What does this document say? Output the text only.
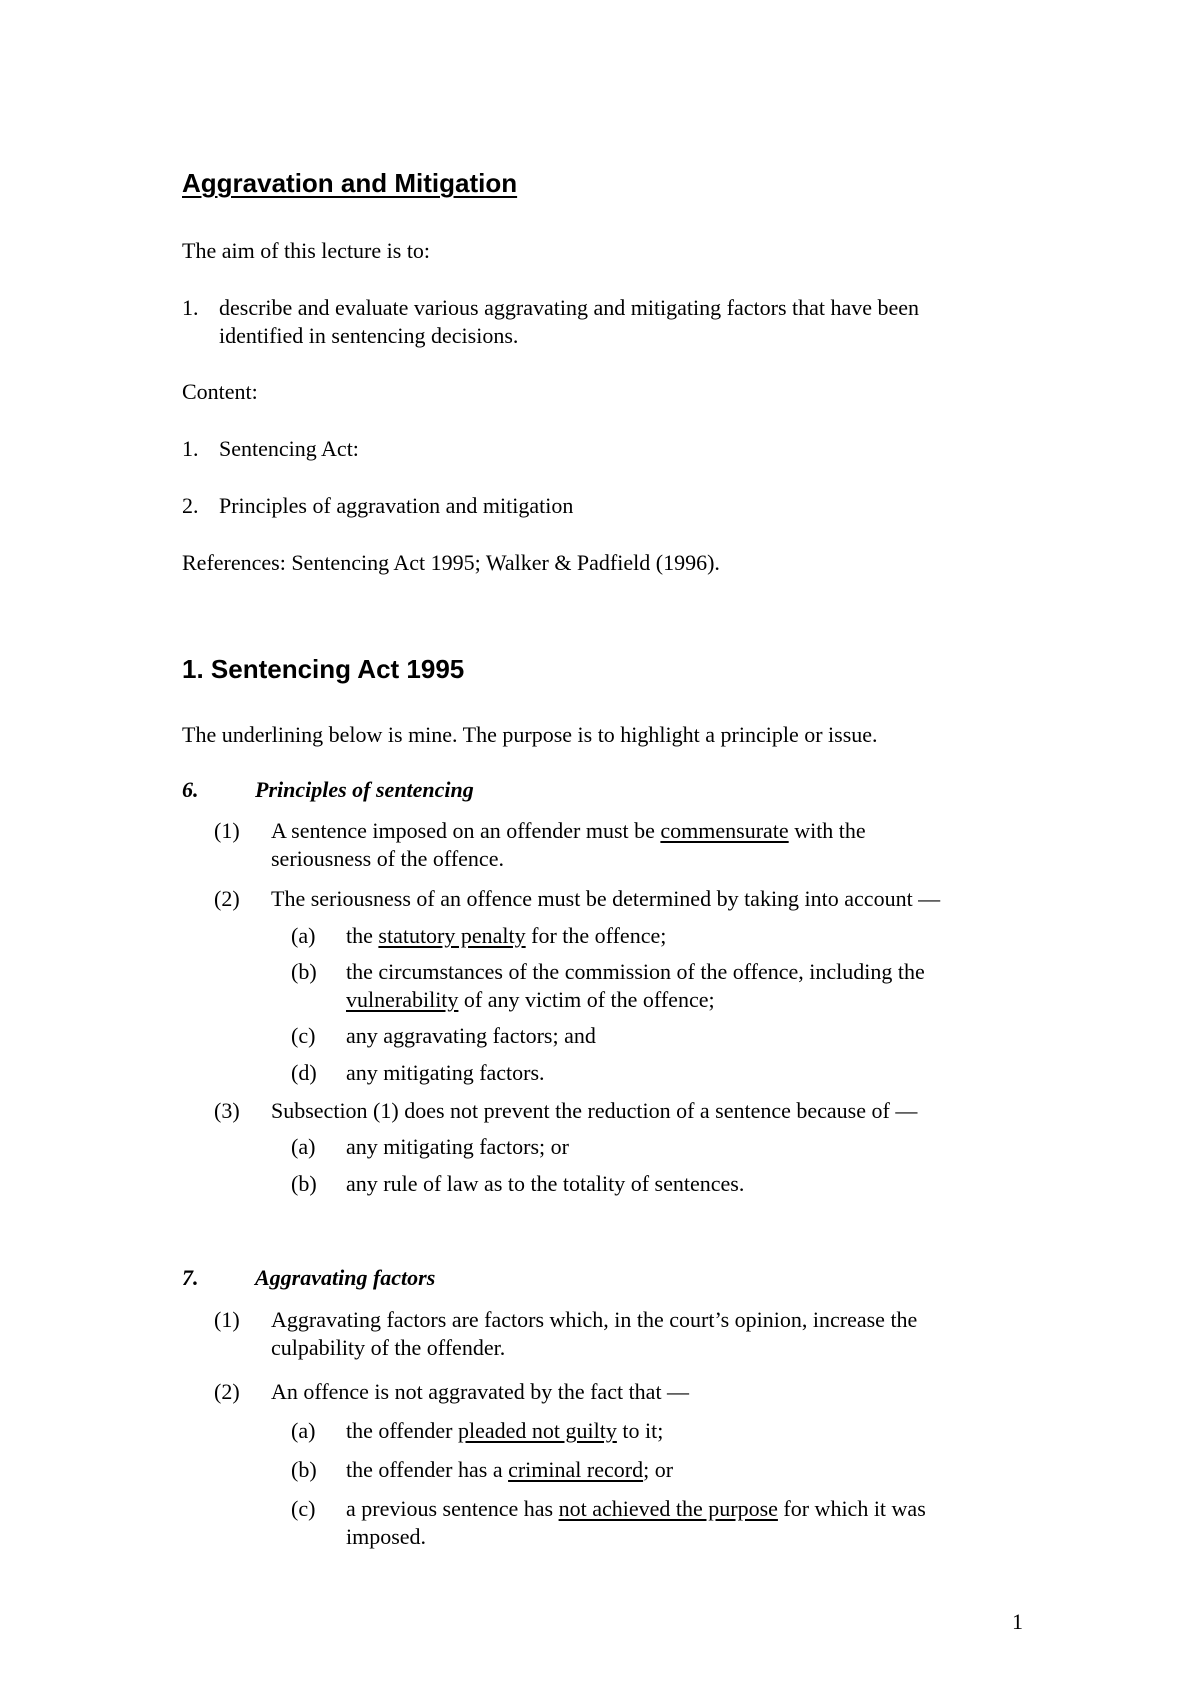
Aggravation and Mitigation
The aim of this lecture is to:
1. describe and evaluate various aggravating and mitigating factors that have been
identified in sentencing decisions.
Content:
1. Sentencing Act:
2. Principles of aggravation and mitigation
References: Sentencing Act 1995; Walker & Padfield (1996).
1. Sentencing Act 1995
The underlining below is mine. The purpose is to highlight a principle or issue.
6.	Principles of sentencing
(1) A sentence imposed on an offender must be commensurate with the
seriousness of the offence.
(2) The seriousness of an offence must be determined by taking into account —
(a) the statutory penalty for the offence;
(b) the circumstances of the commission of the offence, including the
vulnerability of any victim of the offence;
(c) any aggravating factors; and
(d) any mitigating factors.
(3) Subsection (1) does not prevent the reduction of a sentence because of —
(a) any mitigating factors; or
(b) any rule of law as to the totality of sentences.
7.	Aggravating factors
(1) Aggravating factors are factors which, in the court’s opinion, increase the
culpability of the offender.
(2) An offence is not aggravated by the fact that —
(a) the offender pleaded not guilty to it;
(b) the offender has a criminal record; or
(c) a previous sentence has not achieved the purpose for which it was
imposed.
1
